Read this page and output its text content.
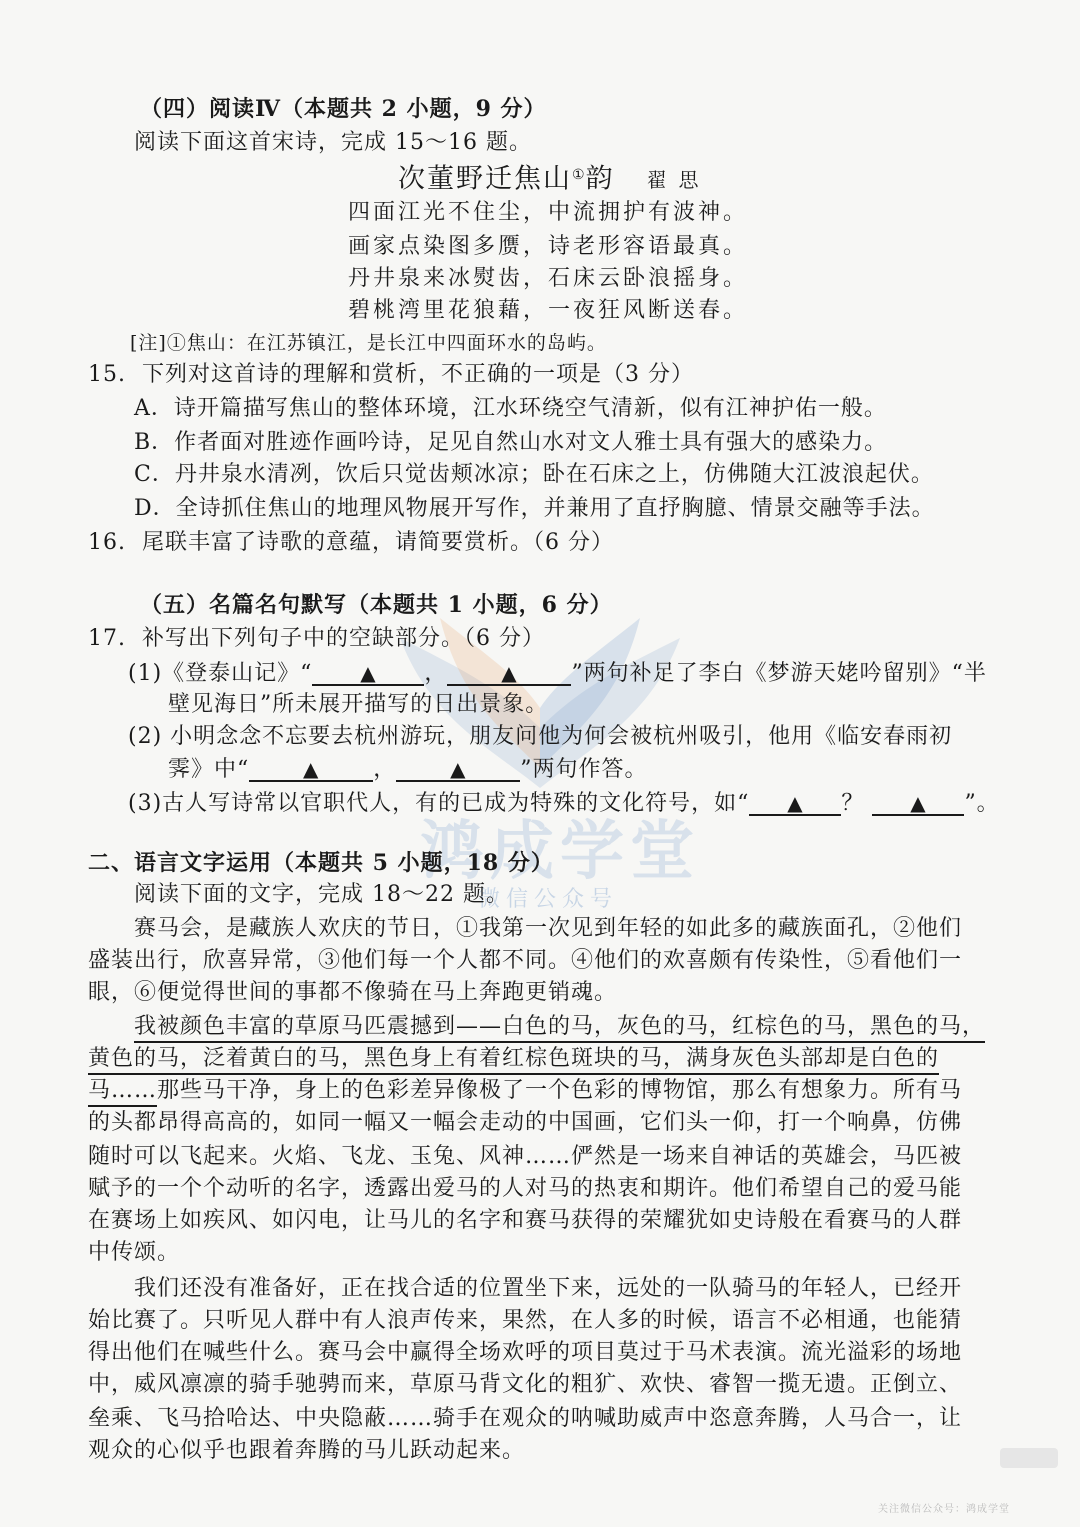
鸿成学堂
微信公众号
（四）阅读Ⅳ（本题共 2 小题，9 分）
阅读下面这首宋诗，完成 15～16 题。
次董野迁焦山①韵 翟思
四面江光不住尘，中流拥护有波神。
画家点染图多赝，诗老形容语最真。
丹井泉来冰熨齿，石床云卧浪摇身。
碧桃湾里花狼藉，一夜狂风断送春。
[注]①焦山：在江苏镇江，是长江中四面环水的岛屿。
15. 下列对这首诗的理解和赏析，不正确的一项是（3 分）
A．诗开篇描写焦山的整体环境，江水环绕空气清新，似有江神护佑一般。
B．作者面对胜迹作画吟诗，足见自然山水对文人雅士具有强大的感染力。
C．丹井泉水清冽，饮后只觉齿颊冰凉；卧在石床之上，仿佛随大江波浪起伏。
D．全诗抓住焦山的地理风物展开写作，并兼用了直抒胸臆、情景交融等手法。
16. 尾联丰富了诗歌的意蕴，请简要赏析。（6 分）
（五）名篇名句默写（本题共 1 小题，6 分）
17. 补写出下列句子中的空缺部分。（6 分）
(1)《登泰山记》“ ▲ ，	▲ ”两句补足了李白《梦游天姥吟留别》“半
壁见海日”所未展开描写的日出景象。
(2) 小明念念不忘要去杭州游玩，朋友问他为何会被杭州吸引，他用《临安春雨初
霁》中“	▲ ，	▲ ”两句作答。
(3)古人写诗常以官职代人，有的已成为特殊的文化符号，如“ ▲ ？ ▲ ”。
二、语言文字运用（本题共 5 小题，18 分）
阅读下面的文字，完成 18～22 题。
赛马会，是藏族人欢庆的节日，①我第一次见到年轻的如此多的藏族面孔，②他们
盛装出行，欣喜异常，③他们每一个人都不同。④他们的欢喜颇有传染性，⑤看他们一
眼，⑥便觉得世间的事都不像骑在马上奔跑更销魂。
我被颜色丰富的草原马匹震撼到——白色的马，灰色的马，红棕色的马，黑色的马，
黄色的马，泛着黄白的马，黑色身上有着红棕色斑块的马，满身灰色头部却是白色的
马……那些马干净，身上的色彩差异像极了一个色彩的博物馆，那么有想象力。所有马
的头都昂得高高的，如同一幅又一幅会走动的中国画，它们头一仰，打一个响鼻，仿佛
随时可以飞起来。火焰、飞龙、玉兔、风神……俨然是一场来自神话的英雄会，马匹被
赋予的一个个动听的名字，透露出爱马的人对马的热衷和期许。他们希望自己的爱马能
在赛场上如疾风、如闪电，让马儿的名字和赛马获得的荣耀犹如史诗般在看赛马的人群
中传颂。
我们还没有准备好，正在找合适的位置坐下来，远处的一队骑马的年轻人，已经开
始比赛了。只听见人群中有人浪声传来，果然，在人多的时候，语言不必相通，也能猜
得出他们在喊些什么。赛马会中赢得全场欢呼的项目莫过于马术表演。流光溢彩的场地
中，威风凛凛的骑手驰骋而来，草原马背文化的粗犷、欢快、睿智一揽无遗。正倒立、
垒乘、飞马拾哈达、中央隐蔽……骑手在观众的呐喊助威声中恣意奔腾，人马合一，让
观众的心似乎也跟着奔腾的马儿跃动起来。
关注微信公众号：鸿成学堂
